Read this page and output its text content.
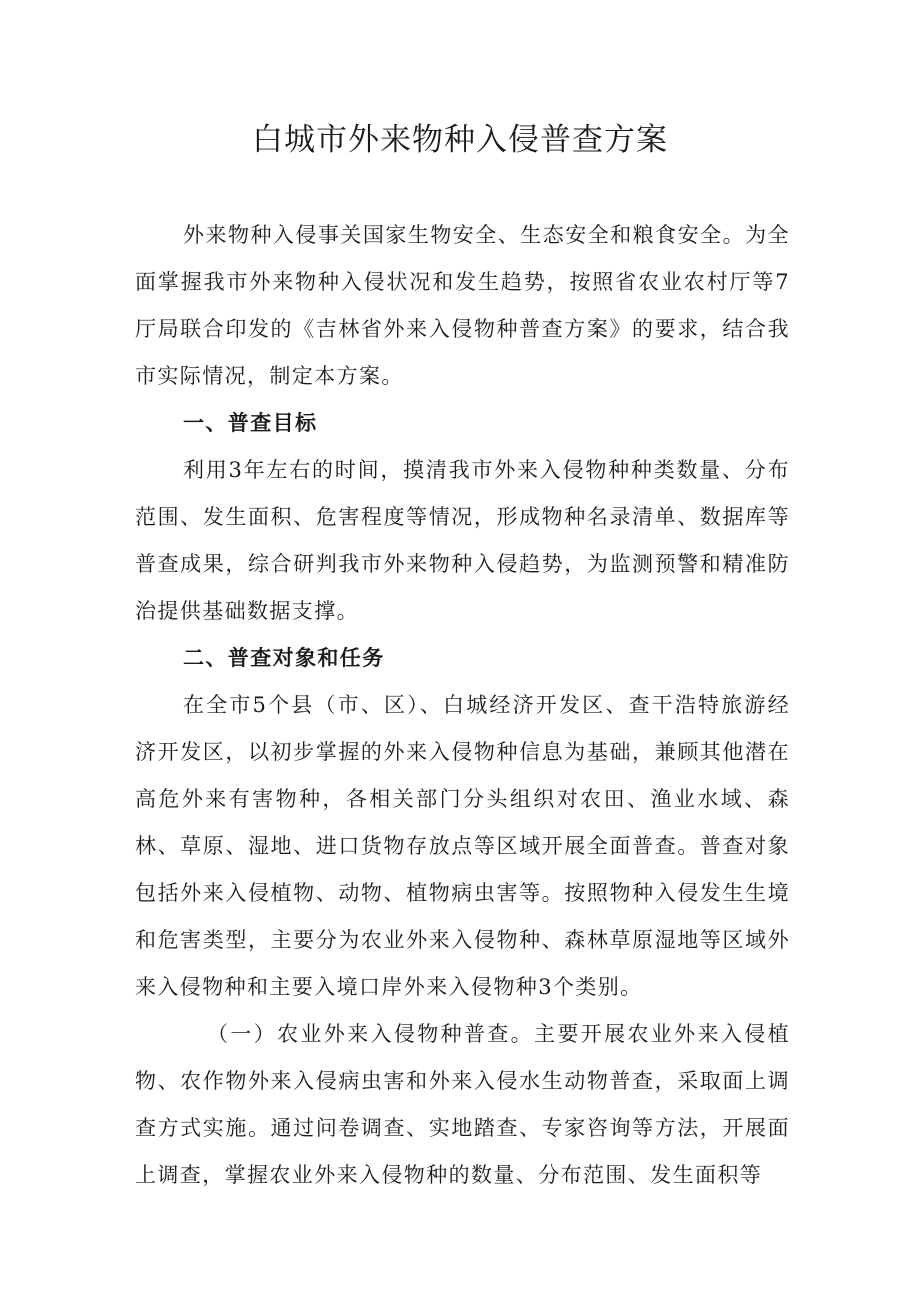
白城市外来物种入侵普查方案

外来物种入侵事关国家生物安全、生态安全和粮食安全。为全面掌握我市外来物种入侵状况和发生趋势，按照省农业农村厅等7厅局联合印发的《吉林省外来入侵物种普查方案》的要求，结合我市实际情况，制定本方案。

一、普查目标

利用3年左右的时间，摸清我市外来入侵物种种类数量、分布范围、发生面积、危害程度等情况，形成物种名录清单、数据库等普查成果，综合研判我市外来物种入侵趋势，为监测预警和精准防治提供基础数据支撑。

二、普查对象和任务

在全市5个县（市、区）、白城经济开发区、查干浩特旅游经济开发区，以初步掌握的外来入侵物种信息为基础，兼顾其他潜在高危外来有害物种，各相关部门分头组织对农田、渔业水域、森林、草原、湿地、进口货物存放点等区域开展全面普查。普查对象包括外来入侵植物、动物、植物病虫害等。按照物种入侵发生生境和危害类型，主要分为农业外来入侵物种、森林草原湿地等区域外来入侵物种和主要入境口岸外来入侵物种3个类别。

（一）农业外来入侵物种普查。主要开展农业外来入侵植物、农作物外来入侵病虫害和外来入侵水生动物普查，采取面上调查方式实施。通过问卷调查、实地踏查、专家咨询等方法，开展面上调查，掌握农业外来入侵物种的数量、分布范围、发生面积等
